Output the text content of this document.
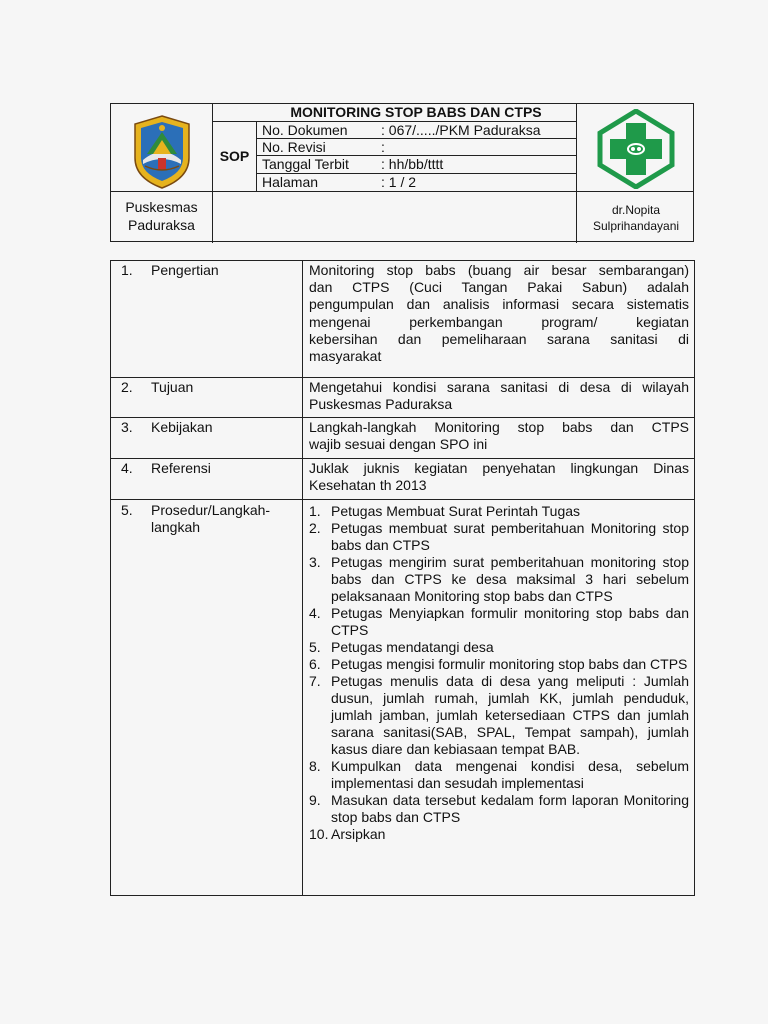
MONITORING STOP BABS DAN CTPS
SOP
No. Dokumen : 067/...../PKM Paduraksa
No. Revisi	:
Tanggal Terbit : hh/bb/tttt
Halaman	: 1 / 2
Puskesmas
Paduraksa
dr.Nopita
Sulprihandayani
1. Pengertian	Monitoring stop babs (buang air besar sembarangan)
dan CTPS (Cuci Tangan Pakai Sabun) adalah
pengumpulan dan analisis informasi secara sistematis
mengenai perkembangan program/ kegiatan
kebersihan dan pemeliharaan sarana sanitasi di
masyarakat
2. Tujuan	Mengetahui kondisi sarana sanitasi di desa di wilayah
Puskesmas Paduraksa
3. Kebijakan	Langkah-langkah Monitoring stop babs dan CTPS
wajib sesuai dengan SPO ini
4. Referensi	Juklak juknis kegiatan penyehatan lingkungan Dinas
Kesehatan th 2013
5. Prosedur/Langkah-
langkah
1. Petugas Membuat Surat Perintah Tugas
2. Petugas membuat surat pemberitahuan Monitoring stop babs dan CTPS
3. Petugas mengirim surat pemberitahuan monitoring stop babs dan CTPS ke desa maksimal 3 hari sebelum pelaksanaan Monitoring stop babs dan CTPS
4. Petugas Menyiapkan formulir monitoring stop babs dan CTPS
5. Petugas mendatangi desa
6. Petugas mengisi formulir monitoring stop babs dan CTPS
7. Petugas menulis data di desa yang meliputi : Jumlah dusun, jumlah rumah, jumlah KK, jumlah penduduk, jumlah jamban, jumlah ketersediaan CTPS dan jumlah sarana sanitasi(SAB, SPAL, Tempat sampah), jumlah kasus diare dan kebiasaan tempat BAB.
8. Kumpulkan data mengenai kondisi desa, sebelum implementasi dan sesudah implementasi
9. Masukan data tersebut kedalam form laporan Monitoring stop babs dan CTPS
10. Arsipkan
